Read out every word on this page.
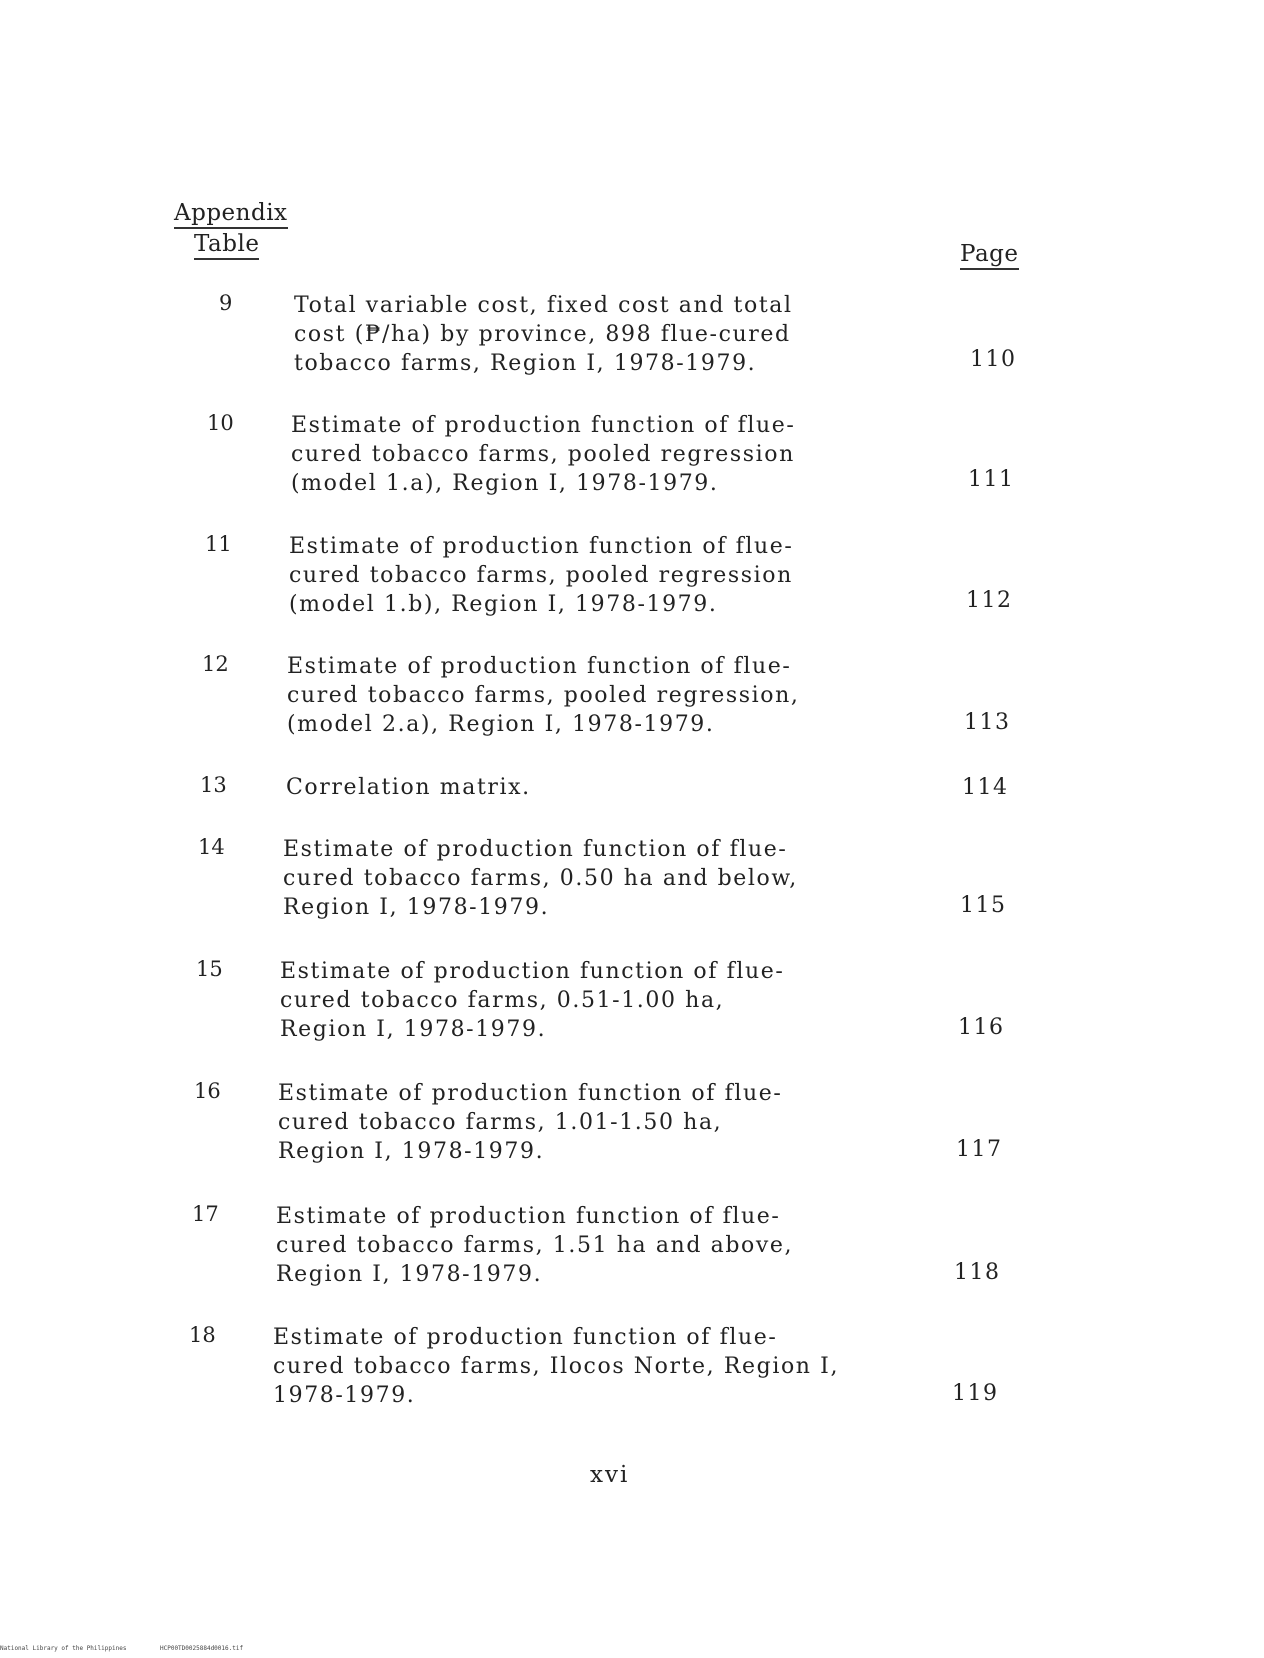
Appendix
Table	Page
9	Total variable cost, fixed cost and total
cost (₱/ha) by province, 898 flue-cured
tobacco farms, Region I, 1978-1979.	110
10	Estimate of production function of flue-
cured tobacco farms, pooled regression
(model 1.a), Region I, 1978-1979.	111
11	Estimate of production function of flue-
cured tobacco farms, pooled regression
(model 1.b), Region I, 1978-1979.	112
12	Estimate of production function of flue-
cured tobacco farms, pooled regression,
(model 2.a), Region I, 1978-1979.	113
13	Correlation matrix.	114
14	Estimate of production function of flue-
cured tobacco farms, 0.50 ha and below,
Region I, 1978-1979.	115
15	Estimate of production function of flue-
cured tobacco farms, 0.51-1.00 ha,
Region I, 1978-1979.	116
16	Estimate of production function of flue-
cured tobacco farms, 1.01-1.50 ha,
Region I, 1978-1979.	117
17	Estimate of production function of flue-
cured tobacco farms, 1.51 ha and above,
Region I, 1978-1979.	118
18	Estimate of production function of flue-
cured tobacco farms, Ilocos Norte, Region I,
1978-1979.	119
xvi
National Library of the Philippines	HCP00TD0025884d0016.tif
